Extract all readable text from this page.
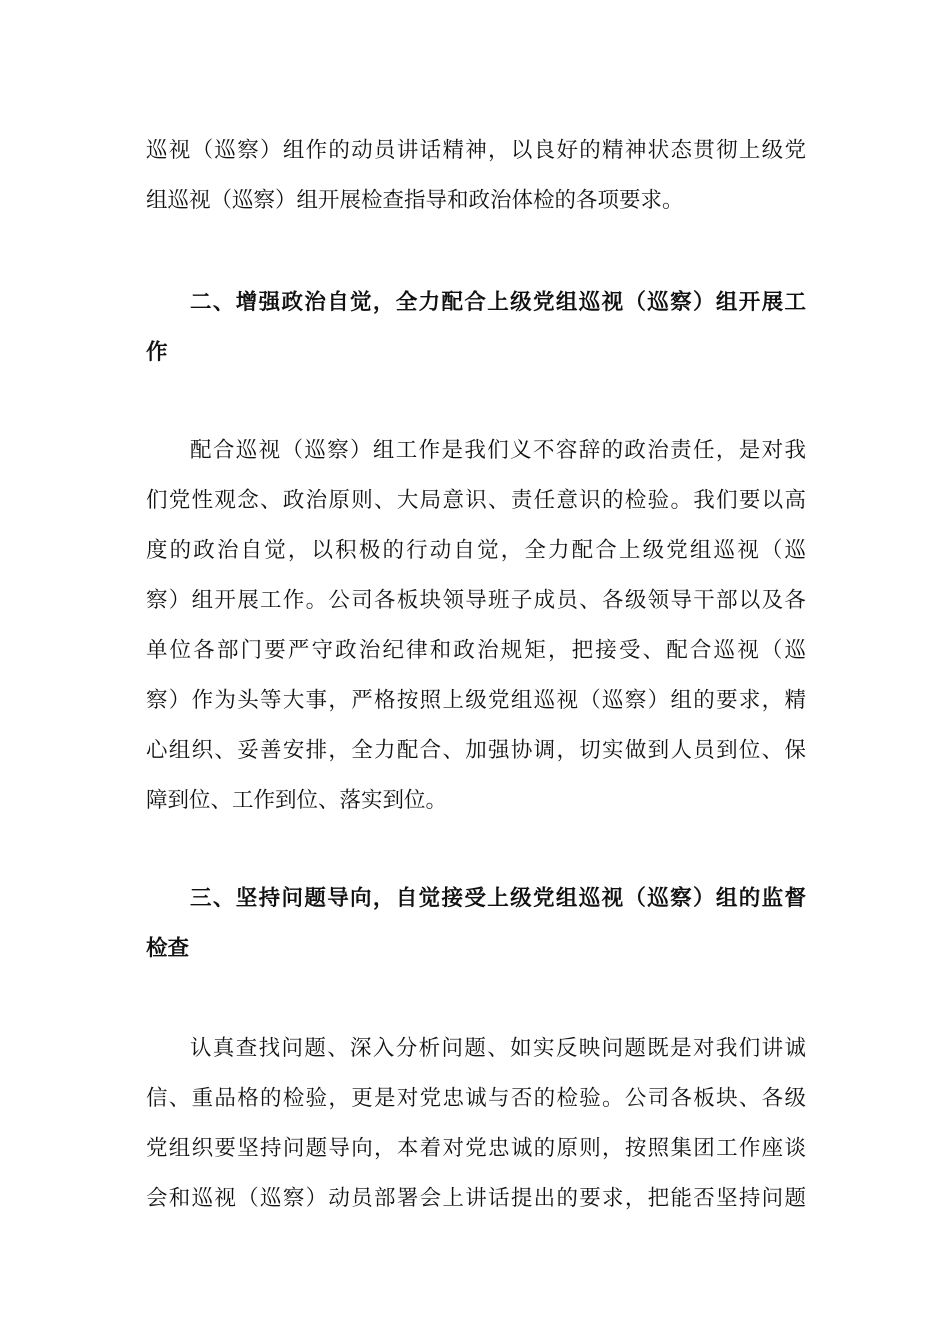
巡视（巡察）组作的动员讲话精神，以良好的精神状态贯彻上级党
组巡视（巡察）组开展检查指导和政治体检的各项要求。
二、增强政治自觉，全力配合上级党组巡视（巡察）组开展工
作
配合巡视（巡察）组工作是我们义不容辞的政治责任，是对我
们党性观念、政治原则、大局意识、责任意识的检验。我们要以高
度的政治自觉，以积极的行动自觉，全力配合上级党组巡视（巡
察）组开展工作。公司各板块领导班子成员、各级领导干部以及各
单位各部门要严守政治纪律和政治规矩，把接受、配合巡视（巡
察）作为头等大事，严格按照上级党组巡视（巡察）组的要求，精
心组织、妥善安排，全力配合、加强协调，切实做到人员到位、保
障到位、工作到位、落实到位。
三、坚持问题导向，自觉接受上级党组巡视（巡察）组的监督
检查
认真查找问题、深入分析问题、如实反映问题既是对我们讲诚
信、重品格的检验，更是对党忠诚与否的检验。公司各板块、各级
党组织要坚持问题导向，本着对党忠诚的原则，按照集团工作座谈
会和巡视（巡察）动员部署会上讲话提出的要求，把能否坚持问题
